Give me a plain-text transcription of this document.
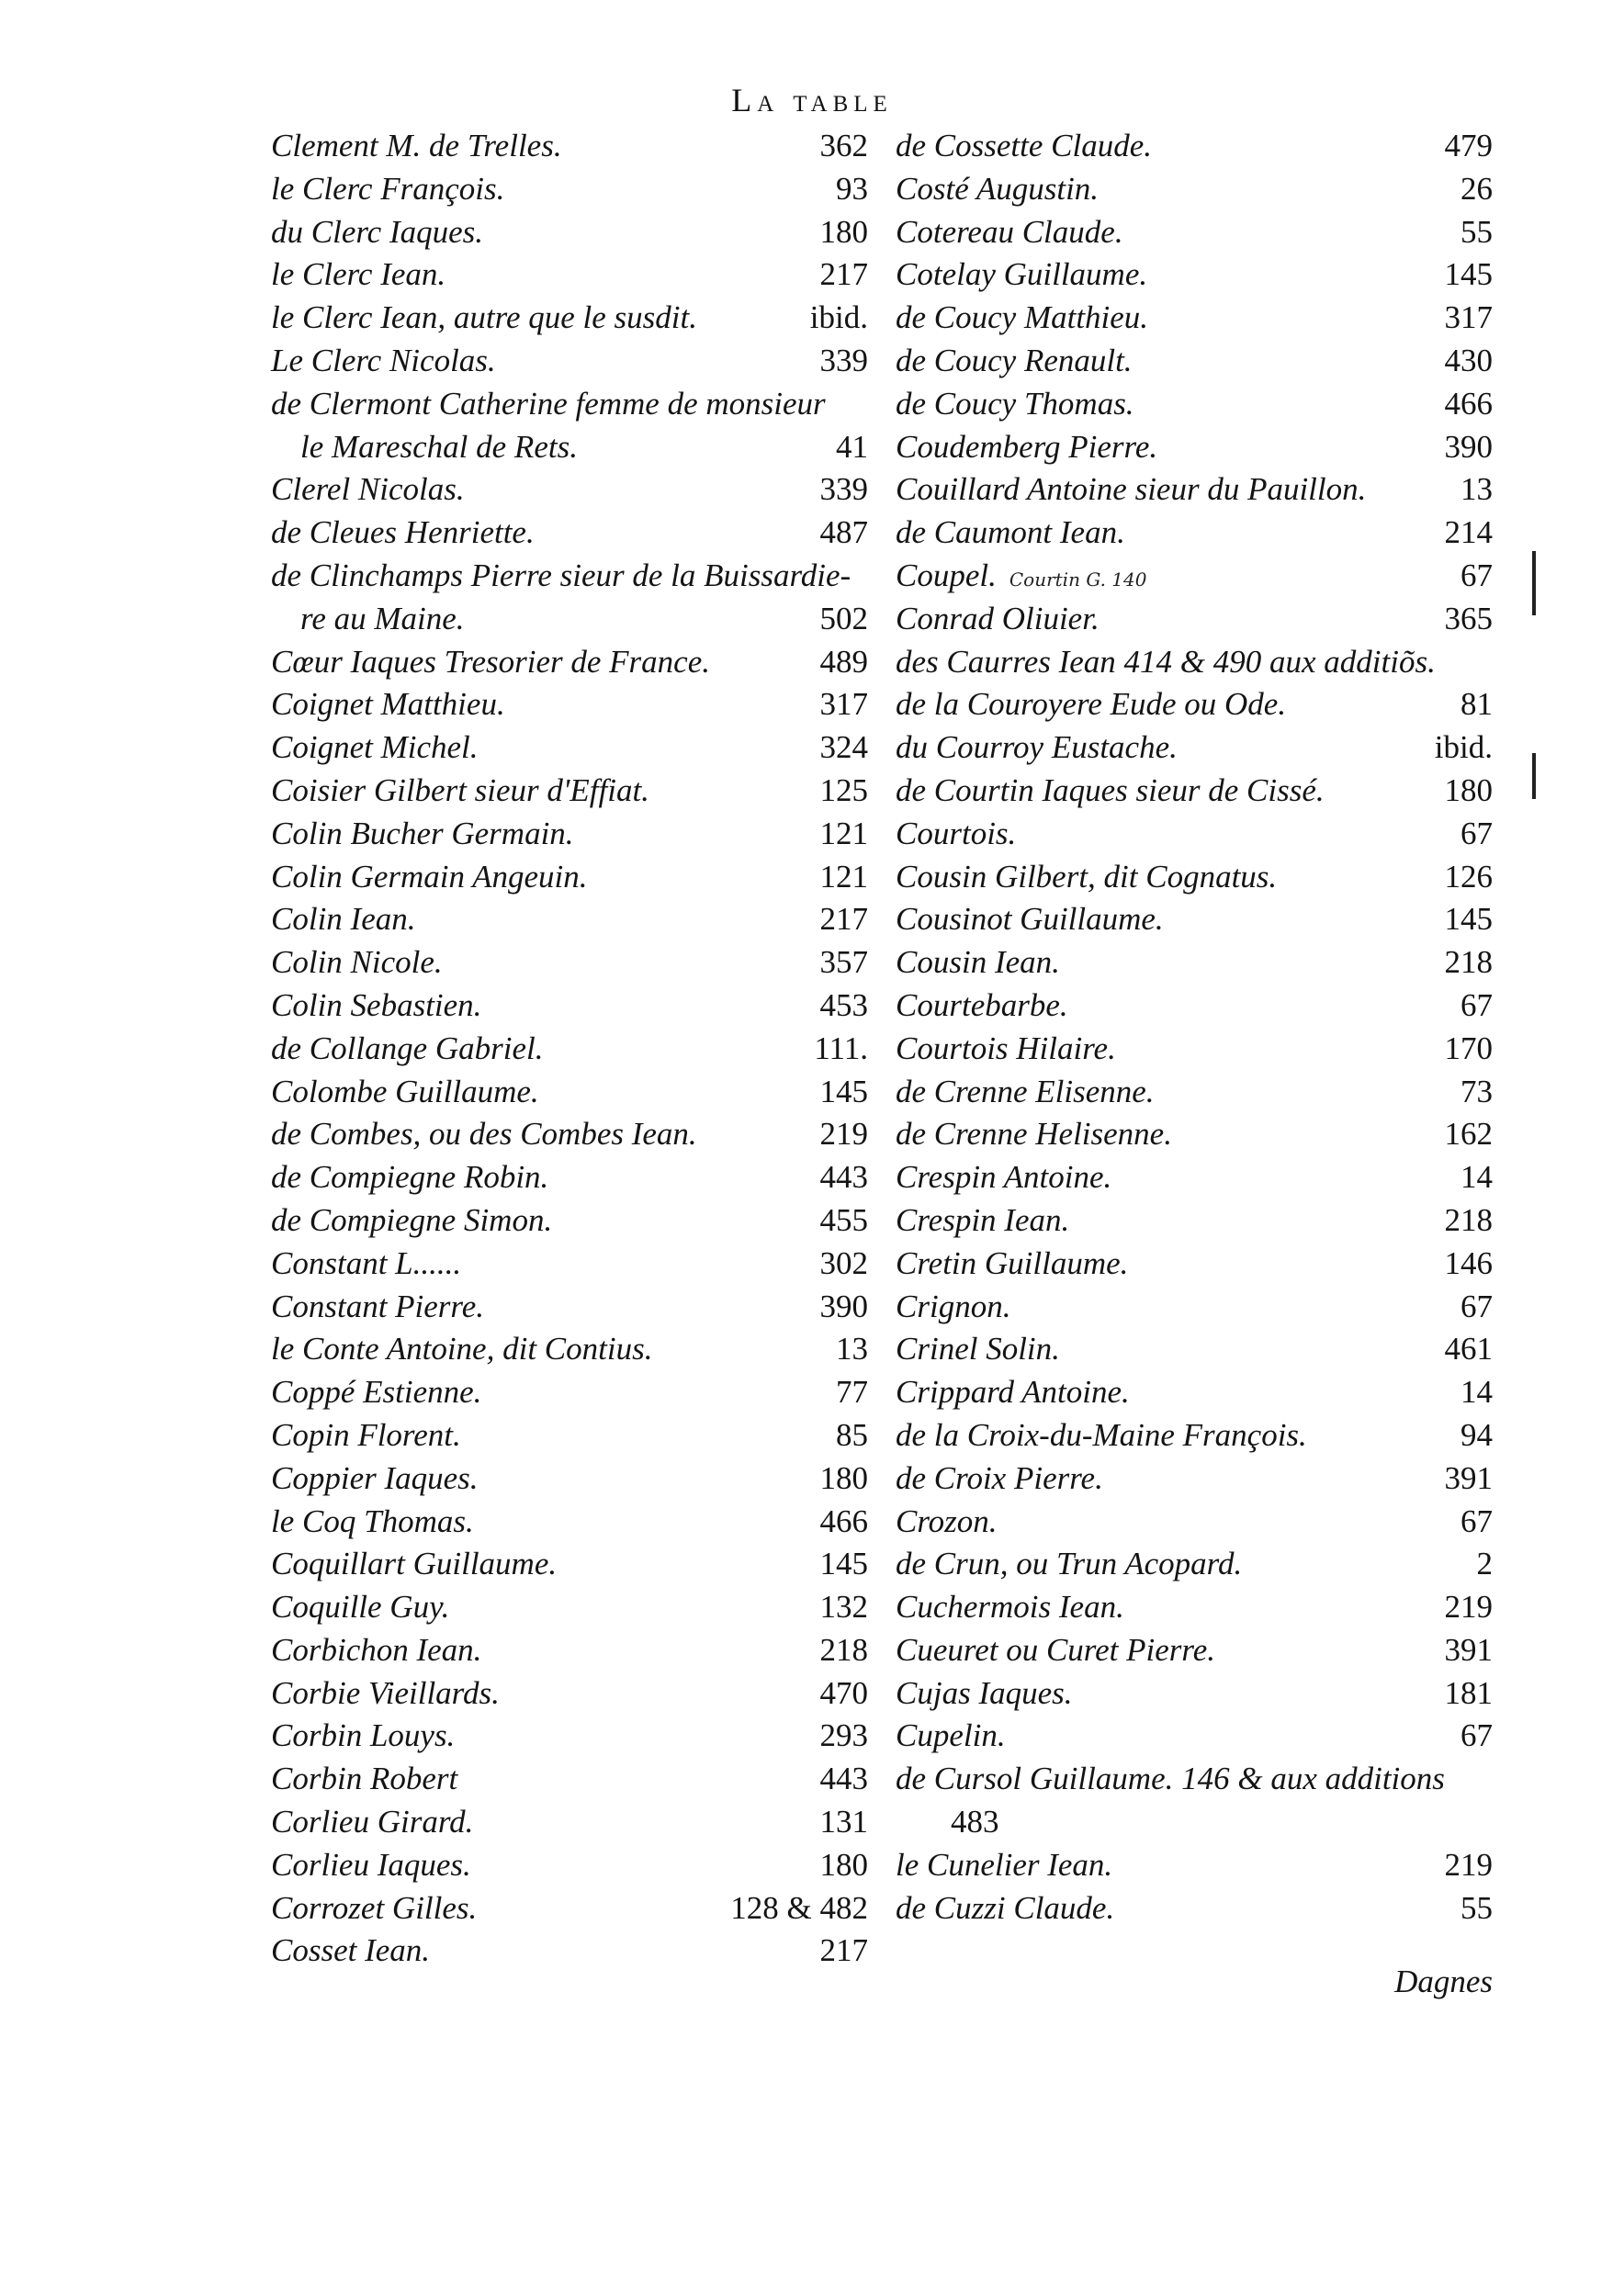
La table
Clement M. de Trelles.	362
le Clerc François.	93
du Clerc Iaques.	180
le Clerc Iean.	217
le Clerc Iean, autre que le susdit.	ibid.
Le Clerc Nicolas.	339
de Clermont Catherine femme de monsieur
le Mareschal de Rets.	41
Clerel Nicolas.	339
de Cleues Henriette.	487
de Clinchamps Pierre sieur de la Buissardie-
re au Maine.	502
Cœur Iaques Tresorier de France.	489
Coignet Matthieu.	317
Coignet Michel.	324
Coisier Gilbert sieur d'Effiat.	125
Colin Bucher Germain.	121
Colin Germain Angeuin.	121
Colin Iean.	217
Colin Nicole.	357
Colin Sebastien.	453
de Collange Gabriel.	111.
Colombe Guillaume.	145
de Combes, ou des Combes Iean.	219
de Compiegne Robin.	443
de Compiegne Simon.	455
Constant L......	302
Constant Pierre.	390
le Conte Antoine, dit Contius.	13
Coppé Estienne.	77
Copin Florent.	85
Coppier Iaques.	180
le Coq Thomas.	466
Coquillart Guillaume.	145
Coquille Guy.	132
Corbichon Iean.	218
Corbie Vieillards.	470
Corbin Louys.	293
Corbin Robert	443
Corlieu Girard.	131
Corlieu Iaques.	180
Corrozet Gilles.	128 & 482
Cosset Iean.	217
de Cossette Claude.	479
Costé Augustin.	26
Cotereau Claude.	55
Cotelay Guillaume.	145
de Coucy Matthieu.	317
de Coucy Renault.	430
de Coucy Thomas.	466
Coudemberg Pierre.	390
Couillard Antoine sieur du Pauillon.	13
de Caumont Iean.	214
Coupel. Courtin G. 140	67
Conrad Oliuier.	365
des Caurres Iean 414 & 490 aux additiõs.
de la Couroyere Eude ou Ode.	81
du Courroy Eustache.	ibid.
de Courtin Iaques sieur de Cissé.	180
Courtois.	67
Cousin Gilbert, dit Cognatus.	126
Cousinot Guillaume.	145
Cousin Iean.	218
Courtebarbe.	67
Courtois Hilaire.	170
de Crenne Elisenne.	73
de Crenne Helisenne.	162
Crespin Antoine.	14
Crespin Iean.	218
Cretin Guillaume.	146
Crignon.	67
Crinel Solin.	461
Crippard Antoine.	14
de la Croix-du-Maine François.	94
de Croix Pierre.	391
Crozon.	67
de Crun, ou Trun Acopard.	2
Cuchermois Iean.	219
Cueuret ou Curet Pierre.	391
Cujas Iaques.	181
Cupelin.	67
de Cursol Guillaume. 146 & aux additions
483
le Cunelier Iean.	219
de Cuzzi Claude.	55
Dagnes
